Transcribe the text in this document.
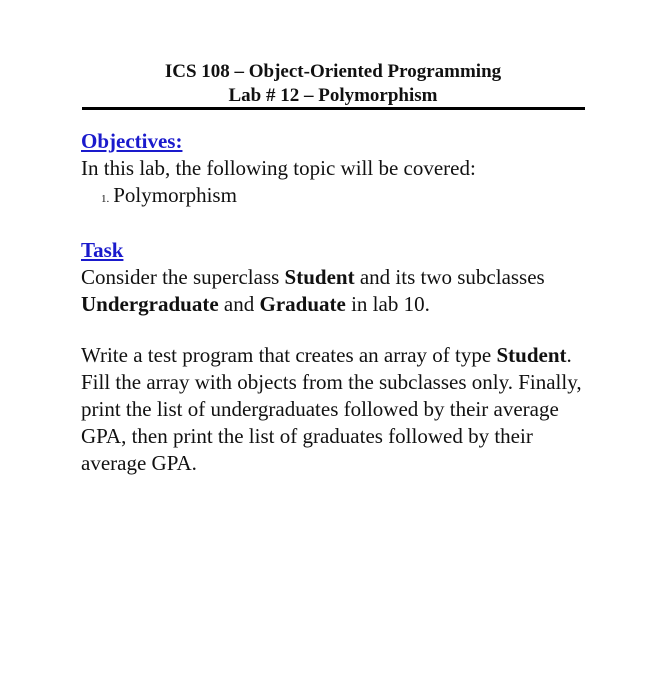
ICS 108 – Object-Oriented Programming
Lab # 12 – Polymorphism

Objectives:

In this lab, the following topic will be covered:

1. Polymorphism

Task

Consider the superclass Student and its two subclasses Undergraduate and Graduate in lab 10.

Write a test program that creates an array of type Student. Fill the array with objects from the subclasses only. Finally, print the list of undergraduates followed by their average GPA, then print the list of graduates followed by their average GPA.
